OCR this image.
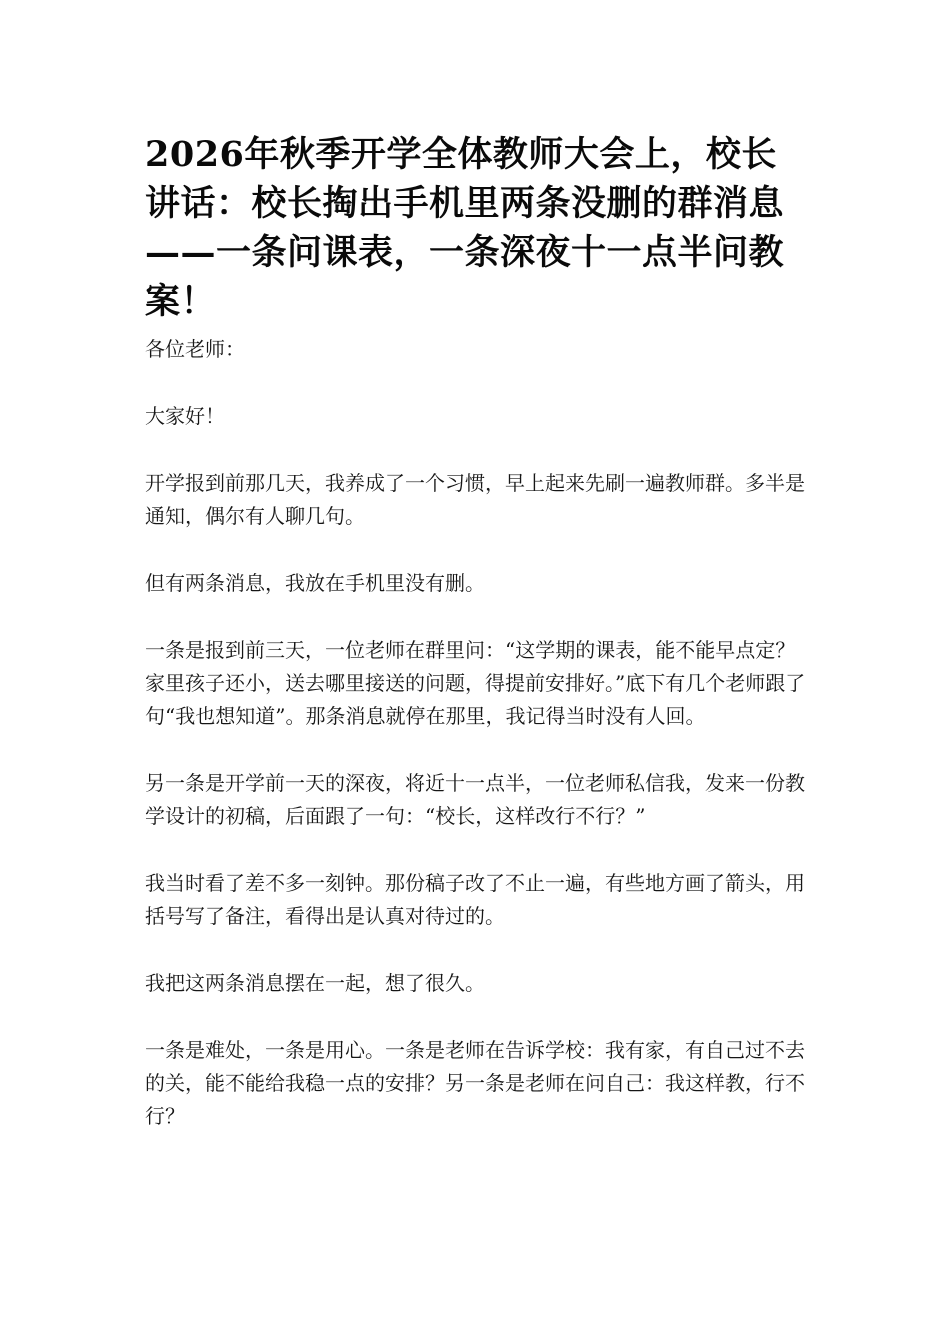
2026年秋季开学全体教师大会上，校长讲话：校长掏出手机里两条没删的群消息——一条问课表，一条深夜十一点半问教案！

各位老师：

大家好！

开学报到前那几天，我养成了一个习惯，早上起来先刷一遍教师群。多半是通知，偶尔有人聊几句。

但有两条消息，我放在手机里没有删。

一条是报到前三天，一位老师在群里问：“这学期的课表，能不能早点定？家里孩子还小，送去哪里接送的问题，得提前安排好。”底下有几个老师跟了句“我也想知道”。那条消息就停在那里，我记得当时没有人回。

另一条是开学前一天的深夜，将近十一点半，一位老师私信我，发来一份教学设计的初稿，后面跟了一句：“校长，这样改行不行？”

我当时看了差不多一刻钟。那份稿子改了不止一遍，有些地方画了箭头，用括号写了备注，看得出是认真对待过的。

我把这两条消息摆在一起，想了很久。

一条是难处，一条是用心。一条是老师在告诉学校：我有家，有自己过不去的关，能不能给我稳一点的安排？另一条是老师在问自己：我这样教，行不行？
